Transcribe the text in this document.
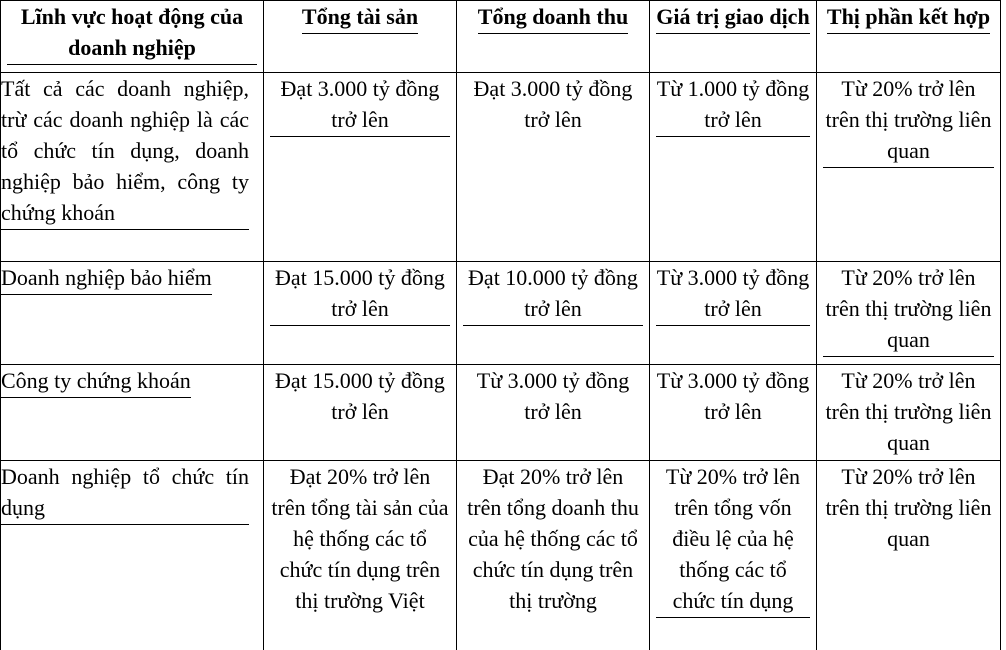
Lĩnh vực hoạt động của doanh nghiệp	Tổng tài sản	Tổng doanh thu	Giá trị giao dịch	Thị phần kết hợp
Tất cả các doanh nghiệp, trừ các doanh nghiệp là các tổ chức tín dụng, doanh nghiệp bảo hiểm, công ty chứng khoán	Đạt 3.000 tỷ đồng trở lên	Đạt 3.000 tỷ đồng trở lên	Từ 1.000 tỷ đồng trở lên	Từ 20% trở lên trên thị trường liên quan
Doanh nghiệp bảo hiểm	Đạt 15.000 tỷ đồng trở lên	Đạt 10.000 tỷ đồng trở lên	Từ 3.000 tỷ đồng trở lên	Từ 20% trở lên trên thị trường liên quan
Công ty chứng khoán	Đạt 15.000 tỷ đồng trở lên	Từ 3.000 tỷ đồng trở lên	Từ 3.000 tỷ đồng trở lên	Từ 20% trở lên trên thị trường liên quan
Doanh nghiệp tổ chức tín dụng	Đạt 20% trở lên trên tổng tài sản của hệ thống các tổ chức tín dụng trên thị trường Việt	Đạt 20% trở lên trên tổng doanh thu của hệ thống các tổ chức tín dụng trên thị trường	Từ 20% trở lên trên tổng vốn điều lệ của hệ thống các tổ chức tín dụng	Từ 20% trở lên trên thị trường liên quan
